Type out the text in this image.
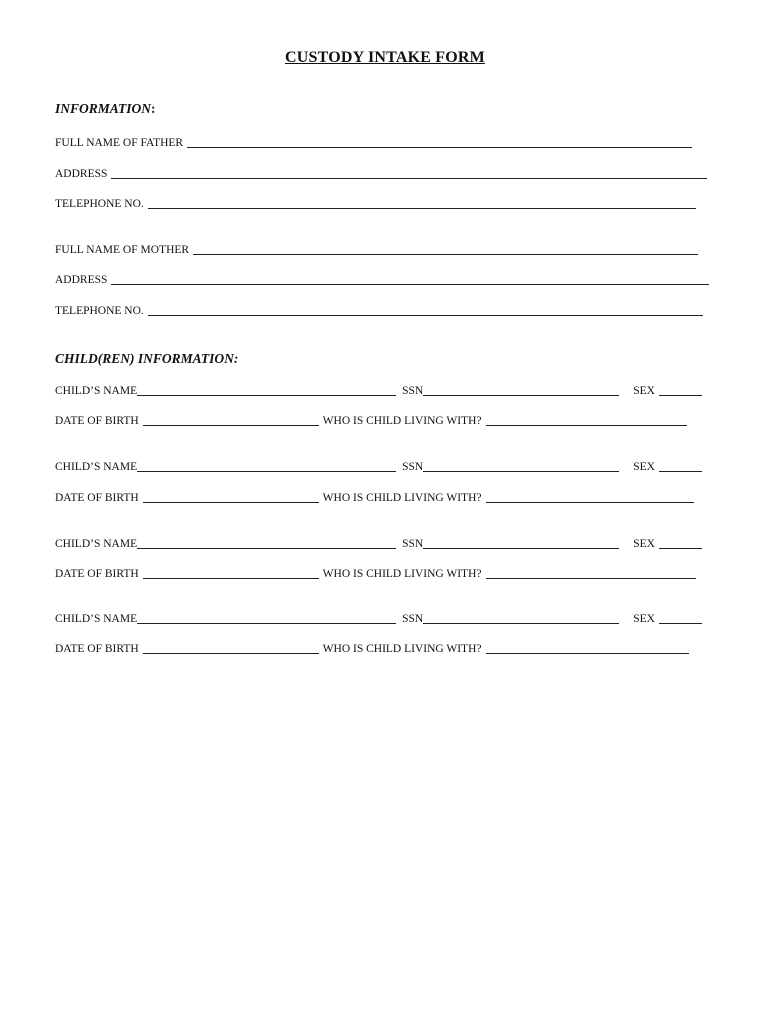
CUSTODY INTAKE FORM
INFORMATION:
FULL NAME OF FATHER
ADDRESS
TELEPHONE NO.
FULL NAME OF MOTHER
ADDRESS
TELEPHONE NO.
CHILD(REN) INFORMATION:
CHILD’S NAME	SSN	SEX
DATE OF BIRTH	WHO IS CHILD LIVING WITH?
CHILD’S NAME	SSN	SEX
DATE OF BIRTH	WHO IS CHILD LIVING WITH?
CHILD’S NAME	SSN	SEX
DATE OF BIRTH	WHO IS CHILD LIVING WITH?
CHILD’S NAME	SSN	SEX
DATE OF BIRTH	WHO IS CHILD LIVING WITH?
